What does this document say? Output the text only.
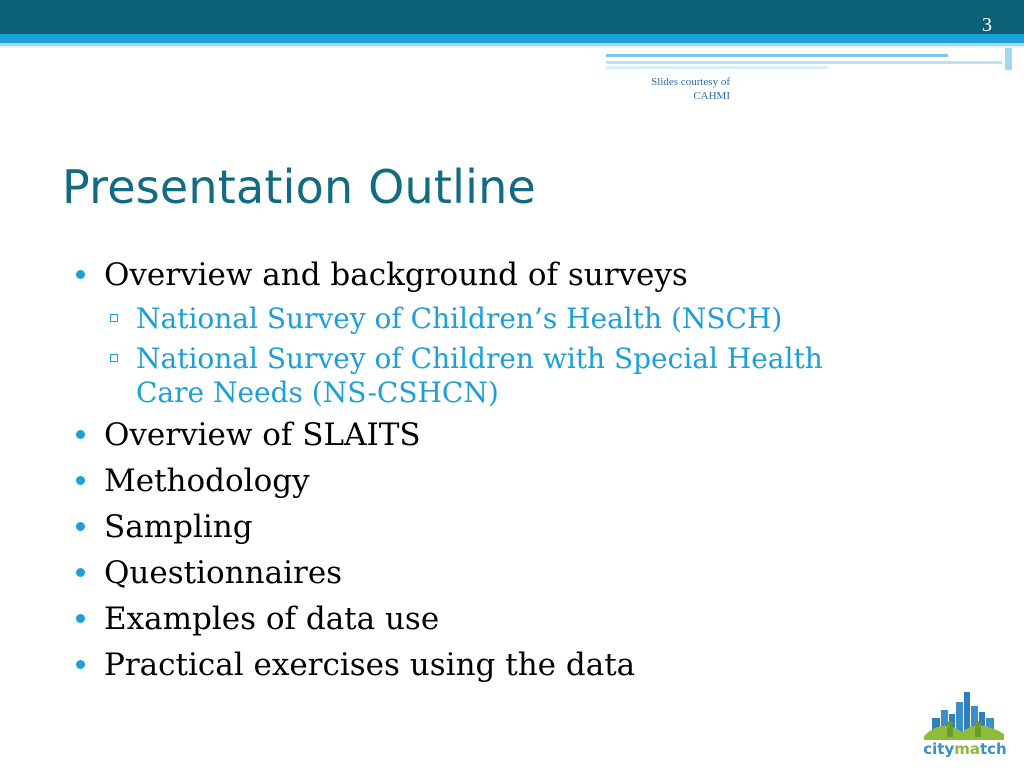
3
Slides courtesy of
CAHMI
Presentation Outline
Overview and background of surveys
National Survey of Children’s Health (NSCH)
National Survey of Children with Special Health
Care Needs (NS-CSHCN)
Overview of SLAITS
Methodology
Sampling
Questionnaires
Examples of data use
Practical exercises using the data
citymatch
